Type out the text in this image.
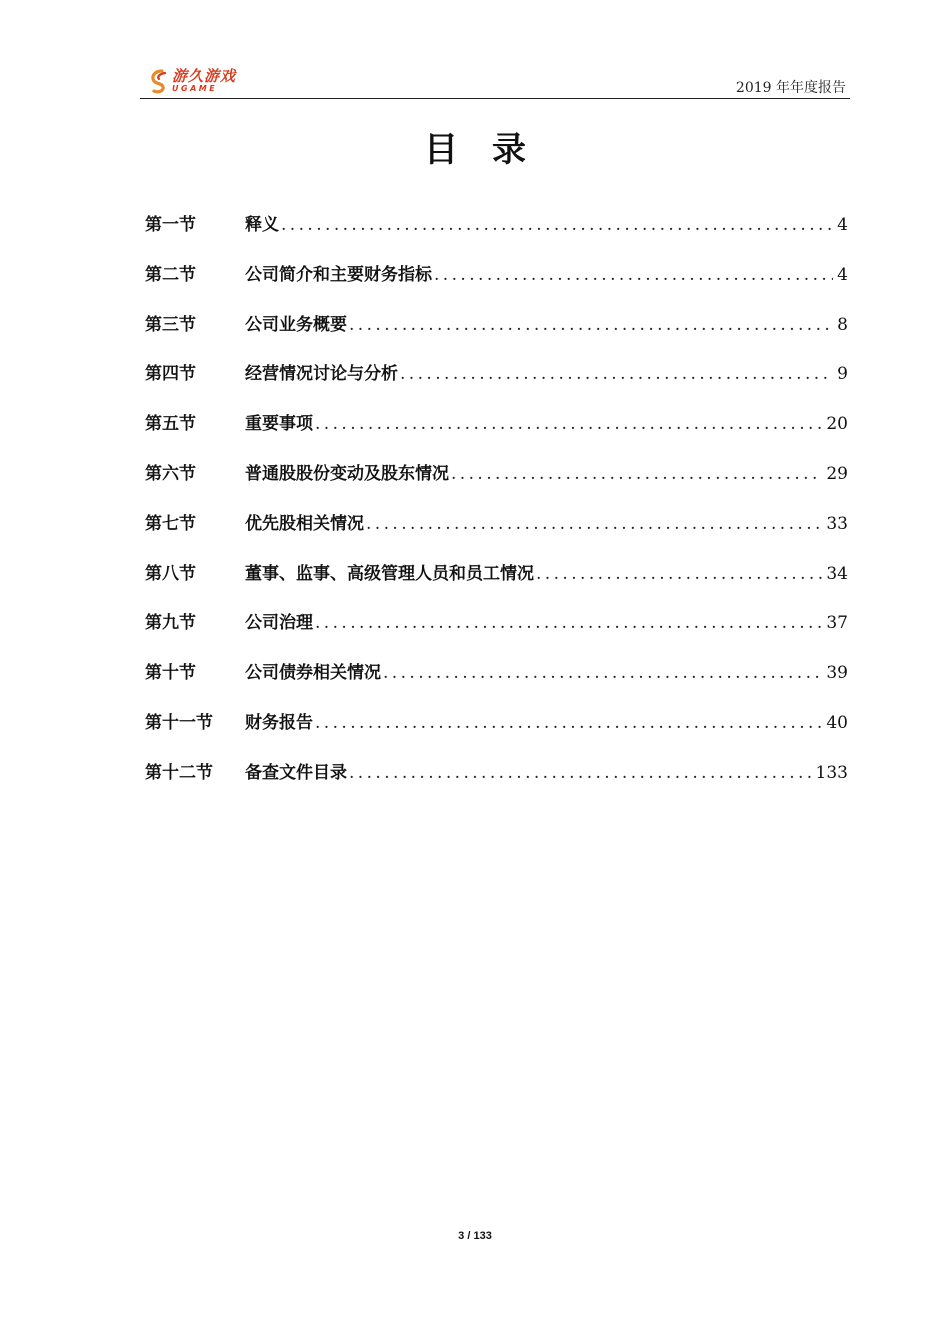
游久游戏
UGAME	2019 年年度报告
目录
第一节	释义 .....	4
第二节	公司简介和主要财务指标 .....	4
第三节	公司业务概要 .....	8
第四节	经营情况讨论与分析 .....	9
第五节	重要事项 .....	20
第六节	普通股股份变动及股东情况 .....	29
第七节	优先股相关情况 .....	33
第八节	董事、监事、高级管理人员和员工情况 .....	34
第九节	公司治理 .....	37
第十节	公司债券相关情况 .....	39
第十一节	财务报告 .....	40
第十二节	备查文件目录 .....	133
3 / 133
